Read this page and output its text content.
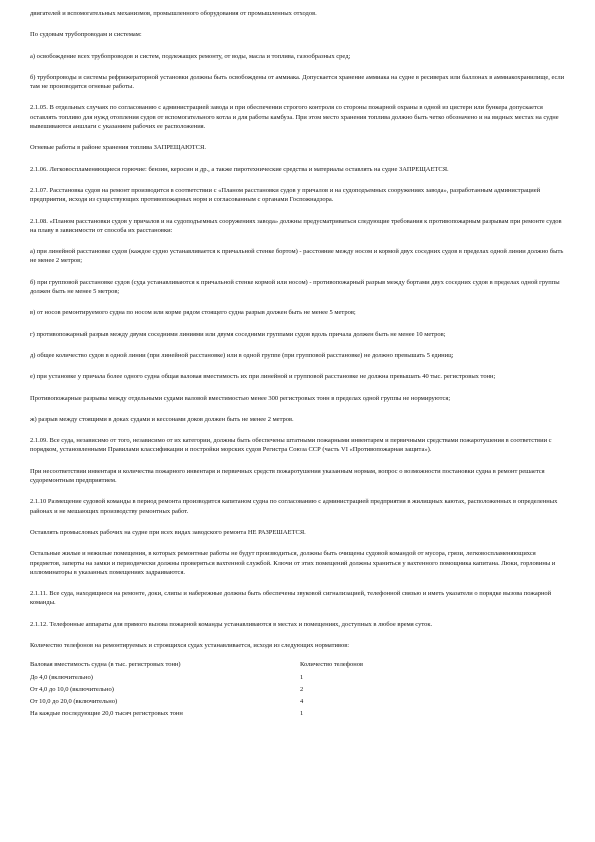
двигателей и вспомогательных механизмов, промышленного оборудования от промышленных отходов.

По судовым трубопроводам и системам:

а) освобождение всех трубопроводов и систем, подлежащих ремонту, от воды, масла и топлива, газообразных сред;

б) трубопроводы и системы рефрижераторной установки должны быть освобождены от аммиака. Допускается хранение аммиака на судне в ресиверах или баллонах в аммиакохранилище, если там не производятся огневые работы.

2.1.05. В отдельных случаях по согласованию с администрацией завода и при обеспечении строгого контроля со стороны пожарной охраны в одной из цистерн или бункера допускается оставлять топливо для нужд отопления судов от вспомогательного котла и для работы камбуза. При этом место хранения топлива должно быть четко обозначено и на видных местах на судне вывешиваются аншлаги с указанием рабочих ее расположения.

Огневые работы в районе хранения топлива ЗАПРЕЩАЮТСЯ.

2.1.06. Легковоспламеняющиеся горючие: бензин, керосин и др., а также пиротехнические средства и материалы оставлять на судне ЗАПРЕЩАЕТСЯ.

2.1.07. Расстановка судов на ремонт производится в соответствии с «Планом расстановки судов у причалов и на судоподъемных сооружениях завода», разработанным администрацией предприятия, исходя из существующих противопожарных норм и согласованным с органами Госпожнадзора.

2.1.08. «Планом расстановки судов у причалов и на судоподъемных сооружениях завода» должны предусматриваться следующие требования к противопожарным разрывам при ремонте судов на плаву в зависимости от способа их расстановки:

а) при линейной расстановке судов (каждое судно устанавливается к причальной стенке бортом) - расстояние между носом и кормой двух соседних судов в пределах одной линии должно быть не менее 2 метров;

б) при групповой расстановке судов (суда устанавливаются к причальной стенке кормой или носом) - противопожарный разрыв между бортами двух соседних судов в пределах одной группы должен быть не менее 5 метров;

в) от носов ремонтируемого судна по носом или корме рядом стоящего судна разрыв должен быть не менее 5 метров;

г) противопожарный разрыв между двумя соседними линиями или двумя соседними группами судов вдоль причала должен быть не менее 10 метров;

д) общее количество судов в одной линии (при линейной расстановке) или в одной группе (при групповой расстановке) не должно превышать 5 единиц;

е) при установке у причала более одного судна общая валовая вместимость их при линейной и групповой расстановке не должна превышать 40 тыс. регистровых тонн;

Противопожарные разрывы между отдельными судами валовой вместимостью менее 300 регистровых тонн в пределах одной группы не нормируются;

ж) разрыв между стоящими в доках судами и кессонами доков должен быть не менее 2 метров.

2.1.09. Все суда, независимо от того, независимо от их категории, должны быть обеспечены штатными пожарными инвентарем и первичными средствами пожаротушения в соответствии с порядком, установленными Правилами классификации и постройки морских судов Регистра Союза ССР (часть VI «Противопожарная защита»).

При несоответствии инвентаря и количества пожарного инвентаря и первичных средств пожаротушения указанным нормам, вопрос о возможности постановки судна в ремонт решается судоремонтным предприятием.

2.1.10 Размещение судовой команды в период ремонта производится капитаном судна по согласованию с администрацией предприятия в жилищных каютах, расположенных в определенных районах и не мешающих производству ремонтных работ.

Оставлять промысловых рабочих на судне при всех видах заводского ремонта НЕ РАЗРЕШАЕТСЯ.

Остальные жилые и нежилые помещения, в которых ремонтные работы не будут производиться, должны быть очищены судовой командой от мусора, грязи, легковоспламеняющихся предметов, заперты на замки и периодически должны проверяться вахтенной службой. Ключи от этих помещений должны храниться у вахтенного помощника капитана. Люки, горловины и иллюминаторы в указанных помещениях задраиваются.

2.1.11. Все суда, находящиеся на ремонте, доки, слипы и набережные должны быть обеспечены звуковой сигнализацией, телефонной связью и иметь указатели о порядке вызова пожарной команды.

2.1.12. Телефонные аппараты для прямого вызова пожарной команды устанавливаются в местах и помещениях, доступных в любое время суток.

Количество телефонов на ремонтируемых и строящихся судах устанавливается, исходя из следующих нормативов:

Валовая вместимость судна (в тыс. регистровых тонн)	Количество телефонов
До 4,0 (включительно)	1
От 4,0 до 10,0 (включительно)	2
От 10,0 до 20,0 (включительно)	4
На каждые последующие 20,0 тысяч регистровых тонн	1
